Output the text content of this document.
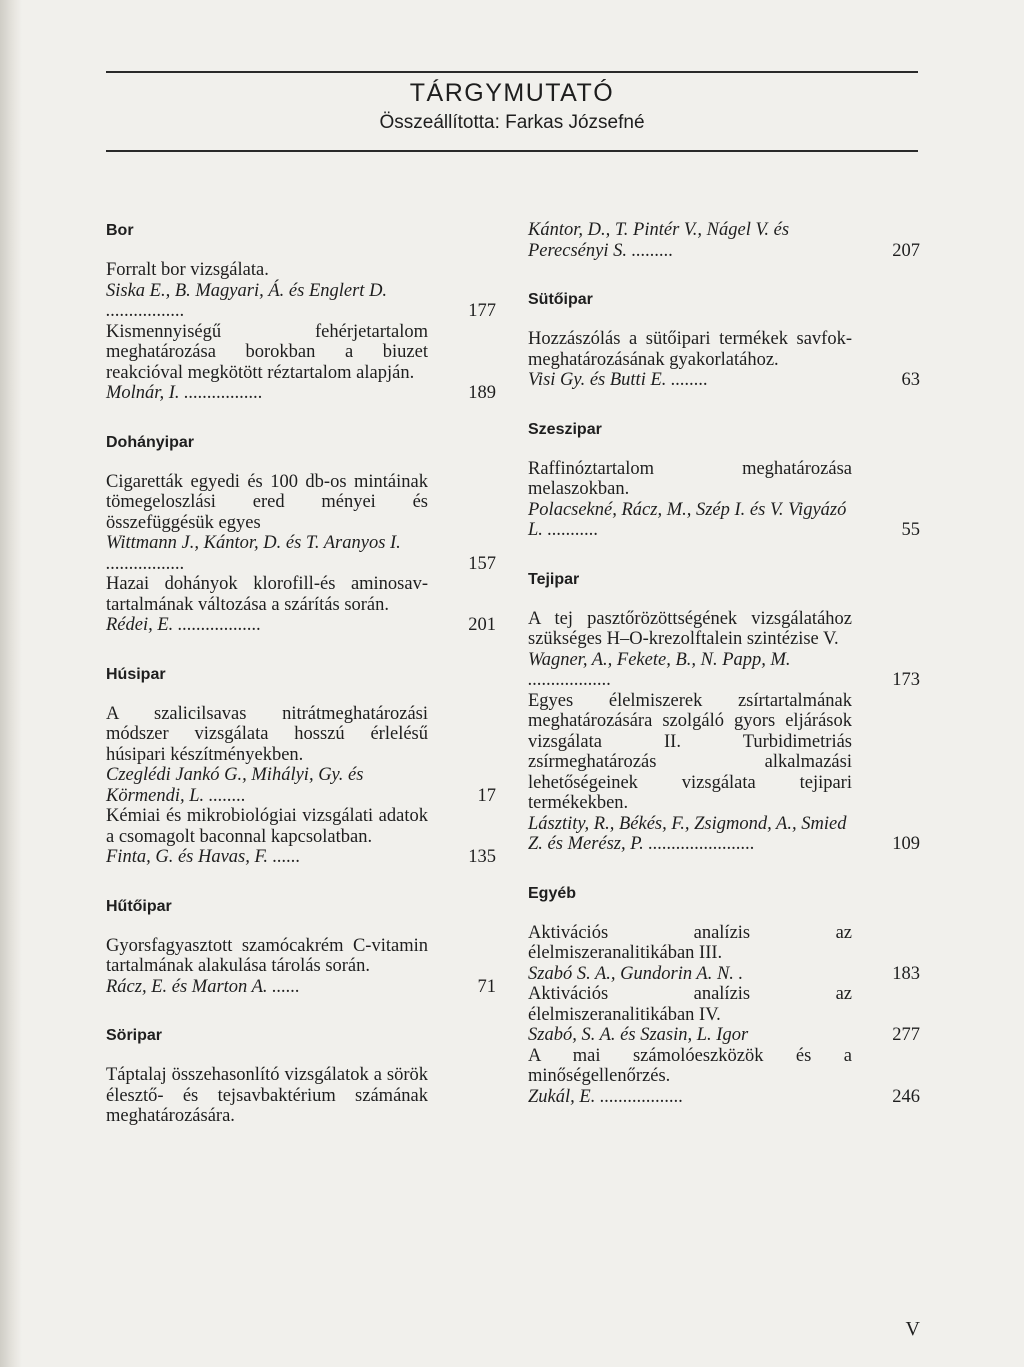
TÁRGYMUTATÓ
Összeállította: Farkas Józsefné
Bor

Forralt bor vizsgálata.

Siska E., B. Magyari, Á. és Englert D. .................	177

Kismennyiségű fehérjetartalom meghatározása borokban a biuzet reakcióval megkötött réztartalom alapján.

Molnár, I. .................	189
Dohányipar

Cigaretták egyedi és 100 db-os mintáinak tömegeloszlási ered ményei és összefüggésük egyes

Wittmann J., Kántor, D. és T. Aranyos I. .................	157

Hazai dohányok klorofill-és aminosav-tartalmának változása a szárítás során.

Rédei, E. ..................	201
Húsipar

A szalicilsavas nitrátmeghatározási módszer vizsgálata hosszú érlelésű húsipari készítményekben.

Czeglédi Jankó G., Mihályi, Gy. és Körmendi, L. ........	17

Kémiai és mikrobiológiai vizsgálati adatok a csomagolt baconnal kapcsolatban.

Finta, G. és Havas, F. ......	135
Hűtőipar

Gyorsfagyasztott szamócakrém C-vitamin tartalmának alakulása tárolás során.

Rácz, E. és Marton A. ......	71
Söripar

Táptalaj összehasonlító vizsgálatok a sörök élesztő- és tejsavbaktérium számának meghatározására.

Kántor, D., T. Pintér V., Nágel V. és Perecsényi S. .........	207
Sütőipar

Hozzászólás a sütőipari termékek savfok-meghatározásának gyakorlatához.

Visi Gy. és Butti E. ........	63
Szeszipar

Raffinóztartalom meghatározása melaszokban.

Polacsekné, Rácz, M., Szép I. és V. Vigyázó L. ...........	55
Tejipar

A tej pasztőrözöttségének vizsgálatához szükséges H–O-krezolftalein szintézise V.

Wagner, A., Fekete, B., N. Papp, M. ..................	173

Egyes élelmiszerek zsírtartalmának meghatározására szolgáló gyors eljárások vizsgálata II. Turbidimetriás zsírmeghatározás alkalmazási lehetőségeinek vizsgálata tejipari termékekben.

Lásztity, R., Békés, F., Zsigmond, A., Smied Z. és Merész, P. .......................	109
Egyéb

Aktivációs analízis az élelmiszeranalitikában III.

Szabó S. A., Gundorin A. N. .	183

Aktivációs analízis az élelmiszeranalitikában IV.

Szabó, S. A. és Szasin, L. Igor	277

A mai számolóeszközök és a minőségellenőrzés.

Zukál, E. ..................	246
V
